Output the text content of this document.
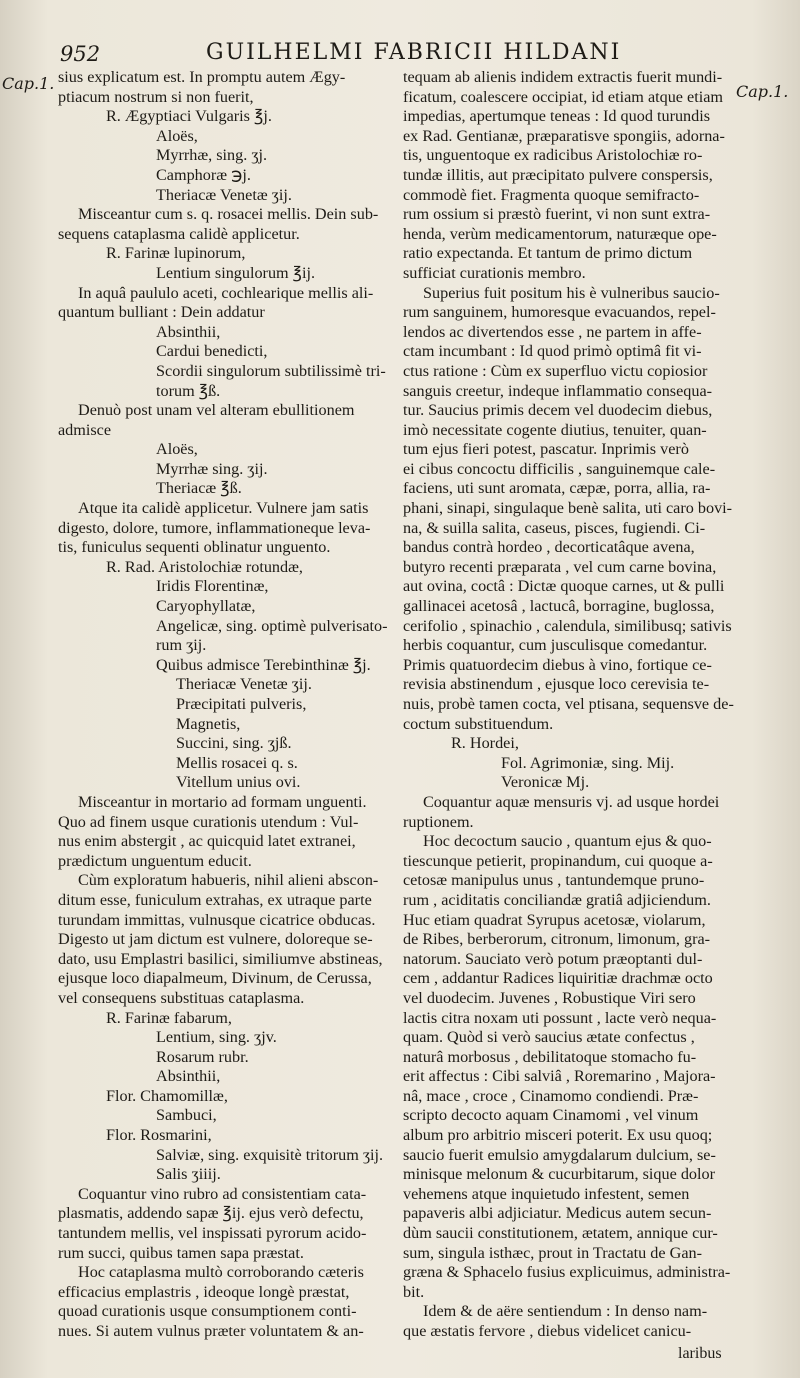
952	GUILHELMI FABRICII HILDANI
Cap.1.	Cap.1.
sius explicatum est. In promptu autem Ægy-
ptiacum nostrum si non fuerit,
R. Ægyptiaci Vulgaris ℥j.
Aloës,
Myrrhæ, sing. ʒj.
Camphoræ ℈j.
Theriacæ Venetæ ʒij.
Misceantur cum s. q. rosacei mellis. Dein sub-
sequens cataplasma calidè applicetur.
R. Farinæ lupinorum,
Lentium singulorum ℥ij.
In aquâ paululo aceti, cochlearique mellis ali-
quantum bulliant : Dein addatur
Absinthii,
Cardui benedicti,
Scordii singulorum subtilissimè tri-
torum ℥ß.
Denuò post unam vel alteram ebullitionem
admisce
Aloës,
Myrrhæ sing. ʒij.
Theriacæ ℥ß.
Atque ita calidè applicetur. Vulnere jam satis
digesto, dolore, tumore, inflammationeque leva-
tis, funiculus sequenti oblinatur unguento.
R. Rad. Aristolochiæ rotundæ,
Iridis Florentinæ,
Caryophyllatæ,
Angelicæ, sing. optimè pulverisato-
rum ʒij.
Quibus admisce Terebinthinæ ℥j.
Theriacæ Venetæ ʒij.
Præcipitati pulveris,
Magnetis,
Succini, sing. ʒjß.
Mellis rosacei q. s.
Vitellum unius ovi.
Misceantur in mortario ad formam unguenti.
Quo ad finem usque curationis utendum : Vul-
nus enim abstergit , ac quicquid latet extranei,
prædictum unguentum educit.
Cùm exploratum habueris, nihil alieni abscon-
ditum esse, funiculum extrahas, ex utraque parte
turundam immittas, vulnusque cicatrice obducas.
Digesto ut jam dictum est vulnere, doloreque se-
dato, usu Emplastri basilici, similiumve abstineas,
ejusque loco diapalmeum, Divinum, de Cerussa,
vel consequens substituas cataplasma.
R. Farinæ fabarum,
Lentium, sing. ʒjv.
Rosarum rubr.
Absinthii,
Flor. Chamomillæ,
Sambuci,
Flor. Rosmarini,
Salviæ, sing. exquisitè tritorum ʒij.
Salis ʒiiij.
Coquantur vino rubro ad consistentiam cata-
plasmatis, addendo sapæ ℥ij. ejus verò defectu,
tantundem mellis, vel inspissati pyrorum acido-
rum succi, quibus tamen sapa præstat.
Hoc cataplasma multò corroborando cæteris
efficacius emplastris , ideoque longè præstat,
quoad curationis usque consumptionem conti-
nues. Si autem vulnus præter voluntatem & an-
tequam ab alienis indidem extractis fuerit mundi-
ficatum, coalescere occipiat, id etiam atque etiam
impedias, apertumque teneas : Id quod turundis
ex Rad. Gentianæ, præparatisve spongiis, adorna-
tis, unguentoque ex radicibus Aristolochiæ ro-
tundæ illitis, aut præcipitato pulvere conspersis,
commodè fiet. Fragmenta quoque semifracto-
rum ossium si præstò fuerint, vi non sunt extra-
henda, verùm medicamentorum, naturæque ope-
ratio expectanda. Et tantum de primo dictum
sufficiat curationis membro.
Superius fuit positum his è vulneribus saucio-
rum sanguinem, humoresque evacuandos, repel-
lendos ac divertendos esse , ne partem in affe-
ctam incumbant : Id quod primò optimâ fit vi-
ctus ratione : Cùm ex superfluo victu copiosior
sanguis creetur, indeque inflammatio consequa-
tur. Saucius primis decem vel duodecim diebus,
imò necessitate cogente diutius, tenuiter, quan-
tum ejus fieri potest, pascatur. Inprimis verò
ei cibus concoctu difficilis , sanguinemque cale-
faciens, uti sunt aromata, cæpæ, porra, allia, ra-
phani, sinapi, singulaque benè salita, uti caro bovi-
na, & suilla salita, caseus, pisces, fugiendi. Ci-
bandus contrà hordeo , decorticatâque avena,
butyro recenti præparata , vel cum carne bovina,
aut ovina, coctâ : Dictæ quoque carnes, ut & pulli
gallinacei acetosâ , lactucâ, borragine, buglossa,
cerifolio , spinachio , calendula, similibusq; sativis
herbis coquantur, cum jusculisque comedantur.
Primis quatuordecim diebus à vino, fortique ce-
revisia abstinendum , ejusque loco cerevisia te-
nuis, probè tamen cocta, vel ptisana, sequensve de-
coctum substituendum.
R. Hordei,
Fol. Agrimoniæ, sing. Mij.
Veronicæ Mj.
Coquantur aquæ mensuris vj. ad usque hordei
ruptionem.
Hoc decoctum saucio , quantum ejus & quo-
tiescunque petierit, propinandum, cui quoque a-
cetosæ manipulus unus , tantundemque pruno-
rum , aciditatis conciliandæ gratiâ adjiciendum.
Huc etiam quadrat Syrupus acetosæ, violarum,
de Ribes, berberorum, citronum, limonum, gra-
natorum. Sauciato verò potum præoptanti dul-
cem , addantur Radices liquiritiæ drachmæ octo
vel duodecim. Juvenes , Robustique Viri sero
lactis citra noxam uti possunt , lacte verò nequa-
quam. Quòd si verò saucius ætate confectus ,
naturâ morbosus , debilitatoque stomacho fu-
erit affectus : Cibi salviâ , Roremarino , Majora-
nâ, mace , croce , Cinamomo condiendi. Præ-
scripto decocto aquam Cinamomi , vel vinum
album pro arbitrio misceri poterit. Ex usu quoq;
saucio fuerit emulsio amygdalarum dulcium, se-
minisque melonum & cucurbitarum, sique dolor
vehemens atque inquietudo infestent, semen
papaveris albi adjiciatur. Medicus autem secun-
dùm saucii constitutionem, ætatem, annique cur-
sum, singula isthæc, prout in Tractatu de Gan-
græna & Sphacelo fusius explicuimus, administra-
bit.
Idem & de aëre sentiendum : In denso nam-
que æstatis fervore , diebus videlicet canicu-
laribus
